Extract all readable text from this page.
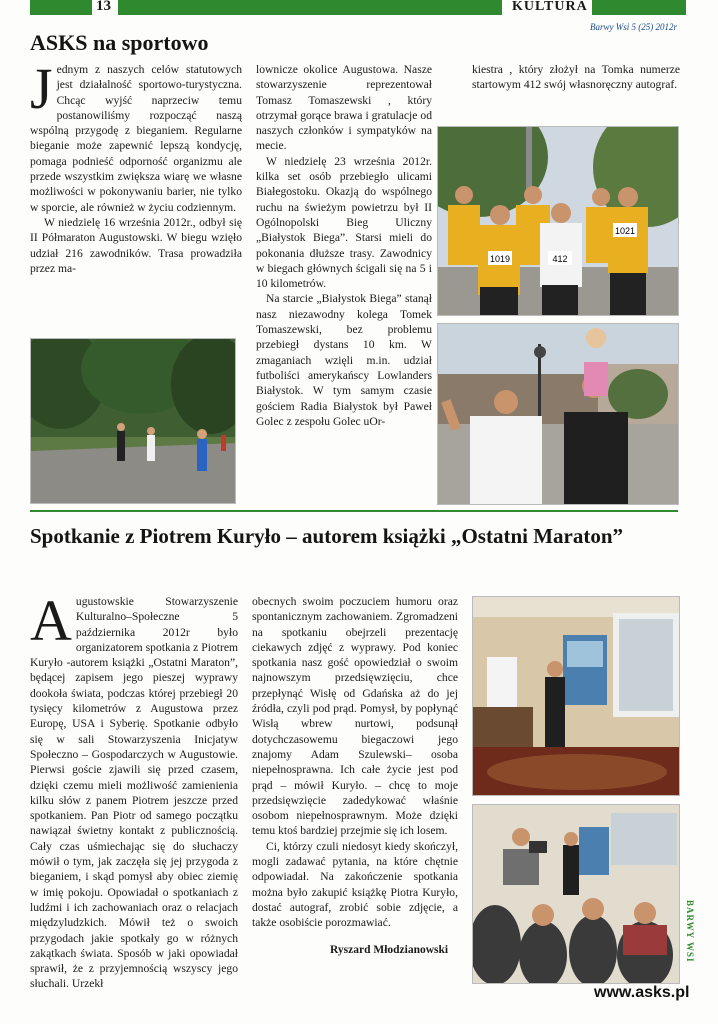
13	KULTURA
Barwy Wsi 5 (25) 2012r
ASKS na sportowo

Jednym z naszych celów statutowych jest działalność sportowo-turystyczna. Chcąc wyjść naprzeciw temu postanowiliśmy rozpocząć naszą wspólną przygodę z bieganiem. Regularne bieganie może zapewnić lepszą kondycję, pomaga podnieść odporność organizmu ale przede wszystkim zwiększa wiarę we własne możliwości w pokonywaniu barier, nie tylko w sporcie, ale również w życiu codziennym.

W niedzielę 16 września 2012r., odbył się II Półmaraton Augustowski. W biegu wzięło udział 216 zawodników. Trasa prowadziła przez ma-

lownicze okolice Augustowa. Nasze stowarzyszenie reprezentował Tomasz Tomaszewski , który otrzymał gorące brawa i gratulacje od naszych członków i sympatyków na mecie.

W niedzielę 23 września 2012r. kilka set osób przebiegło ulicami Białegostoku. Okazją do wspólnego ruchu na świeżym powietrzu był II Ogólnopolski Bieg Uliczny „Białystok Biega”. Starsi mieli do pokonania dłuższe trasy. Zawodnicy w biegach głównych ścigali się na 5 i 10 kilometrów.

Na starcie „Białystok Biega” stanął nasz niezawodny kolega Tomek Tomaszewski, bez problemu przebiegł dystans 10 km. W zmaganiach wzięli m.in. udział futboliści amerykańscy Lowlanders Białystok. W tym samym czasie gościem Radia Białystok był Paweł Golec z zespołu Golec uOr-

kiestra , który złożył na Tomka numerze startowym 412 swój własnoręczny autograf.

1019	412
1021
Spotkanie z Piotrem Kuryło – autorem książki „Ostatni Maraton”

Augustowskie Stowarzyszenie Kulturalno–Społeczne 5 października 2012r było organizatorem spotkania z Piotrem Kuryło -autorem książki „Ostatni Maraton”, będącej zapisem jego pieszej wyprawy dookoła świata, podczas której przebiegł 20 tysięcy kilometrów z Augustowa przez Europę, USA i Syberię. Spotkanie odbyło się w sali Stowarzyszenia Inicjatyw Społeczno – Gospodarczych w Augustowie. Pierwsi goście zjawili się przed czasem, dzięki czemu mieli możliwość zamienienia kilku słów z panem Piotrem jeszcze przed spotkaniem. Pan Piotr od samego początku nawiązał świetny kontakt z publicznością. Cały czas uśmiechając się do słuchaczy mówił o tym, jak zaczęła się jej przygoda z bieganiem, i skąd pomysł aby obiec ziemię w imię pokoju. Opowiadał o spotkaniach z ludźmi i ich zachowaniach oraz o relacjach międzyludzkich. Mówił też o swoich przygodach jakie spotkały go w różnych zakątkach świata. Sposób w jaki opowiadał sprawił, że z przyjemnością wszyscy jego słuchali. Urzekł

obecnych swoim poczuciem humoru oraz spontanicznym zachowaniem. Zgromadzeni na spotkaniu obejrzeli prezentację ciekawych zdjęć z wyprawy. Pod koniec spotkania nasz gość opowiedział o swoim najnowszym przedsięwzięciu, chce przepłynąć Wisłę od Gdańska aż do jej źródła, czyli pod prąd. Pomysł, by popłynąć Wisłą wbrew nurtowi, podsunął dotychczasowemu biegaczowi jego znajomy Adam Szulewski– osoba niepełnosprawna. Ich całe życie jest pod prąd – mówił Kuryło. – chcę to moje przedsięwzięcie zadedykować właśnie osobom niepełnosprawnym. Może dzięki temu ktoś bardziej przejmie się ich losem.

Ci, którzy czuli niedosyt kiedy skończył, mogli zadawać pytania, na które chętnie odpowiadał. Na zakończenie spotkania można było zakupić książkę Piotra Kuryło, dostać autograf, zrobić sobie zdjęcie, a także osobiście porozmawiać.

Ryszard Młodzianowski	BARWY WSI
www.asks.pl
